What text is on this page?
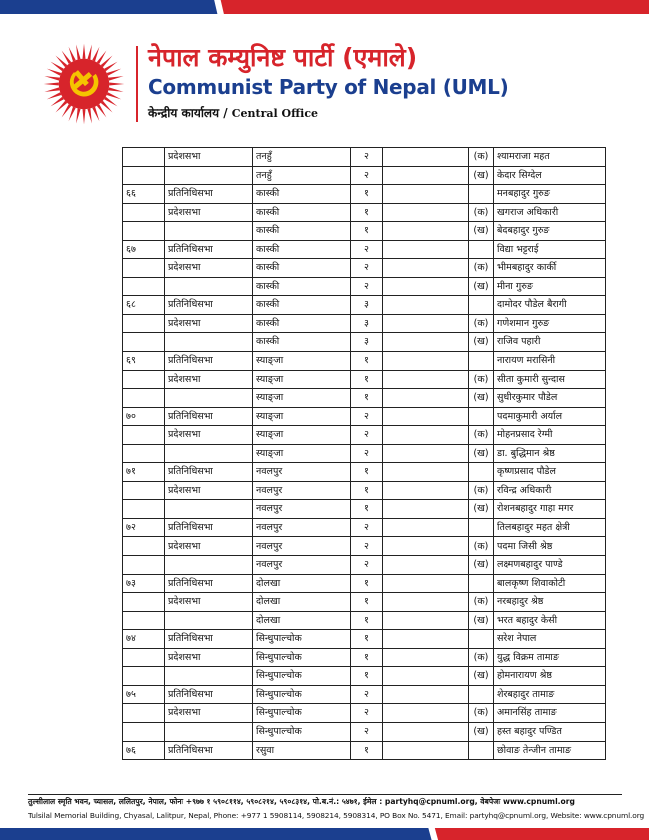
नेपाल कम्युनिष्ट पार्टी (एमाले)
Communist Party of Nepal (UML)
केन्द्रीय कार्यालय / Central Office
	प्रदेशसभा	तनहुँ	२		(क)	श्यामराजा महत
		तनहुँ	२		(ख)	केदार सिग्देल
६६	प्रतिनिधिसभा	कास्की	१			मनबहादुर गुरुङ
	प्रदेशसभा	कास्की	१		(क)	खगराज अधिकारी
		कास्की	१		(ख)	बेदबहादुर गुरुङ
६७	प्रतिनिधिसभा	कास्की	२			विद्या भट्टराई
	प्रदेशसभा	कास्की	२		(क)	भीमबहादुर कार्की
		कास्की	२		(ख)	मीना गुरुङ
६८	प्रतिनिधिसभा	कास्की	३			दामोदर पौडेल बैरागी
	प्रदेशसभा	कास्की	३		(क)	गणेशमान गुरुङ
		कास्की	३		(ख)	राजिव पहारी
६९	प्रतिनिधिसभा	स्याङ्जा	१			नारायण मरासिनी
	प्रदेशसभा	स्याङ्जा	१		(क)	सीता कुमारी सुन्दास
		स्याङ्जा	१		(ख)	सुधीरकुमार पौडेल
७०	प्रतिनिधिसभा	स्याङ्जा	२			पदमाकुमारी अर्याल
	प्रदेशसभा	स्याङ्जा	२		(क)	मोहनप्रसाद रेग्मी
		स्याङ्जा	२		(ख)	डा. बुद्धिमान श्रेष्ठ
७१	प्रतिनिधिसभा	नवलपुर	१			कृष्णप्रसाद पौडेल
	प्रदेशसभा	नवलपुर	१		(क)	रविन्द्र अधिकारी
		नवलपुर	१		(ख)	रोशनबहादुर गाहा मगर
७२	प्रतिनिधिसभा	नवलपुर	२			तिलबहादुर महत क्षेत्री
	प्रदेशसभा	नवलपुर	२		(क)	पदमा जिसी श्रेष्ठ
		नवलपुर	२		(ख)	लक्ष्मणबहादुर पाण्डे
७३	प्रतिनिधिसभा	दोलखा	१			बालकृष्ण शिवाकोटी
	प्रदेशसभा	दोलखा	१		(क)	नरबहादुर श्रेष्ठ
		दोलखा	१		(ख)	भरत बहादुर केसी
७४	प्रतिनिधिसभा	सिन्धुपाल्चोक	१			सरेश नेपाल
	प्रदेशसभा	सिन्धुपाल्चोक	१		(क)	युद्ध विक्रम तामाङ
		सिन्धुपाल्चोक	१		(ख)	होमनारायण श्रेष्ठ
७५	प्रतिनिधिसभा	सिन्धुपाल्चोक	२			शेरबहादुर तामाङ
	प्रदेशसभा	सिन्धुपाल्चोक	२		(क)	अमानसिंह तामाङ
		सिन्धुपाल्चोक	२		(ख)	हस्त बहादुर पण्डित
७६	प्रतिनिधिसभा	रसुवा	१			छोवाङ तेन्जीन तामाङ
तुल्सीलाल स्मृति भवन, च्यासल, ललितपुर, नेपाल, फोनः +९७७ १ ५९०८११४, ५९०८२१४, ५९०८३१४, पो.ब.नं.: ५४७१, ईमेल : partyhq@cpnuml.org, वेबपेजः www.cpnuml.org
Tulsilal Memorial Building, Chyasal, Lalitpur, Nepal, Phone: +977 1 5908114, 5908214, 5908314, PO Box No. 5471, Email: partyhq@cpnuml.org, Website: www.cpnuml.org
